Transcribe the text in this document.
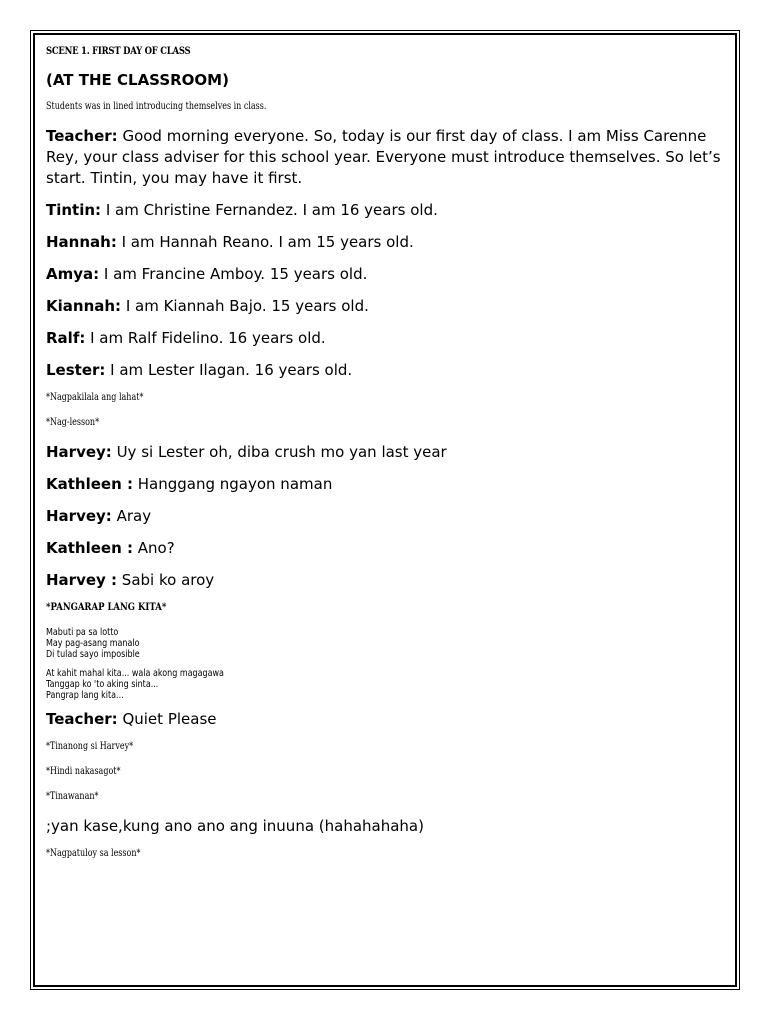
SCENE 1. FIRST DAY OF CLASS
(AT THE CLASSROOM)
Students was in lined introducing themselves in class.
Teacher: Good morning everyone. So, today is our first day of class. I am Miss Carenne Rey, your class adviser for this school year. Everyone must introduce themselves. So let’s start. Tintin, you may have it first.
Tintin: I am Christine Fernandez. I am 16 years old.
Hannah: I am Hannah Reano. I am 15 years old.
Amya: I am Francine Amboy. 15 years old.
Kiannah: I am Kiannah Bajo. 15 years old.
Ralf: I am Ralf Fidelino. 16 years old.
Lester: I am Lester Ilagan. 16 years old.
*Nagpakilala ang lahat*
*Nag-lesson*
Harvey: Uy si Lester oh, diba crush mo yan last year
Kathleen : Hanggang ngayon naman
Harvey: Aray
Kathleen : Ano?
Harvey : Sabi ko aroy
*PANGARAP LANG KITA*
Mabuti pa sa lotto
May pag-asang manalo
Di tulad sayo imposible
At kahit mahal kita... wala akong magagawa
Tanggap ko 'to aking sinta...
Pangrap lang kita...
Teacher: Quiet Please
*Tinanong si Harvey*
*Hindi nakasagot*
*Tinawanan*
;yan kase,kung ano ano ang inuuna (hahahahaha)
*Nagpatuloy sa lesson*
